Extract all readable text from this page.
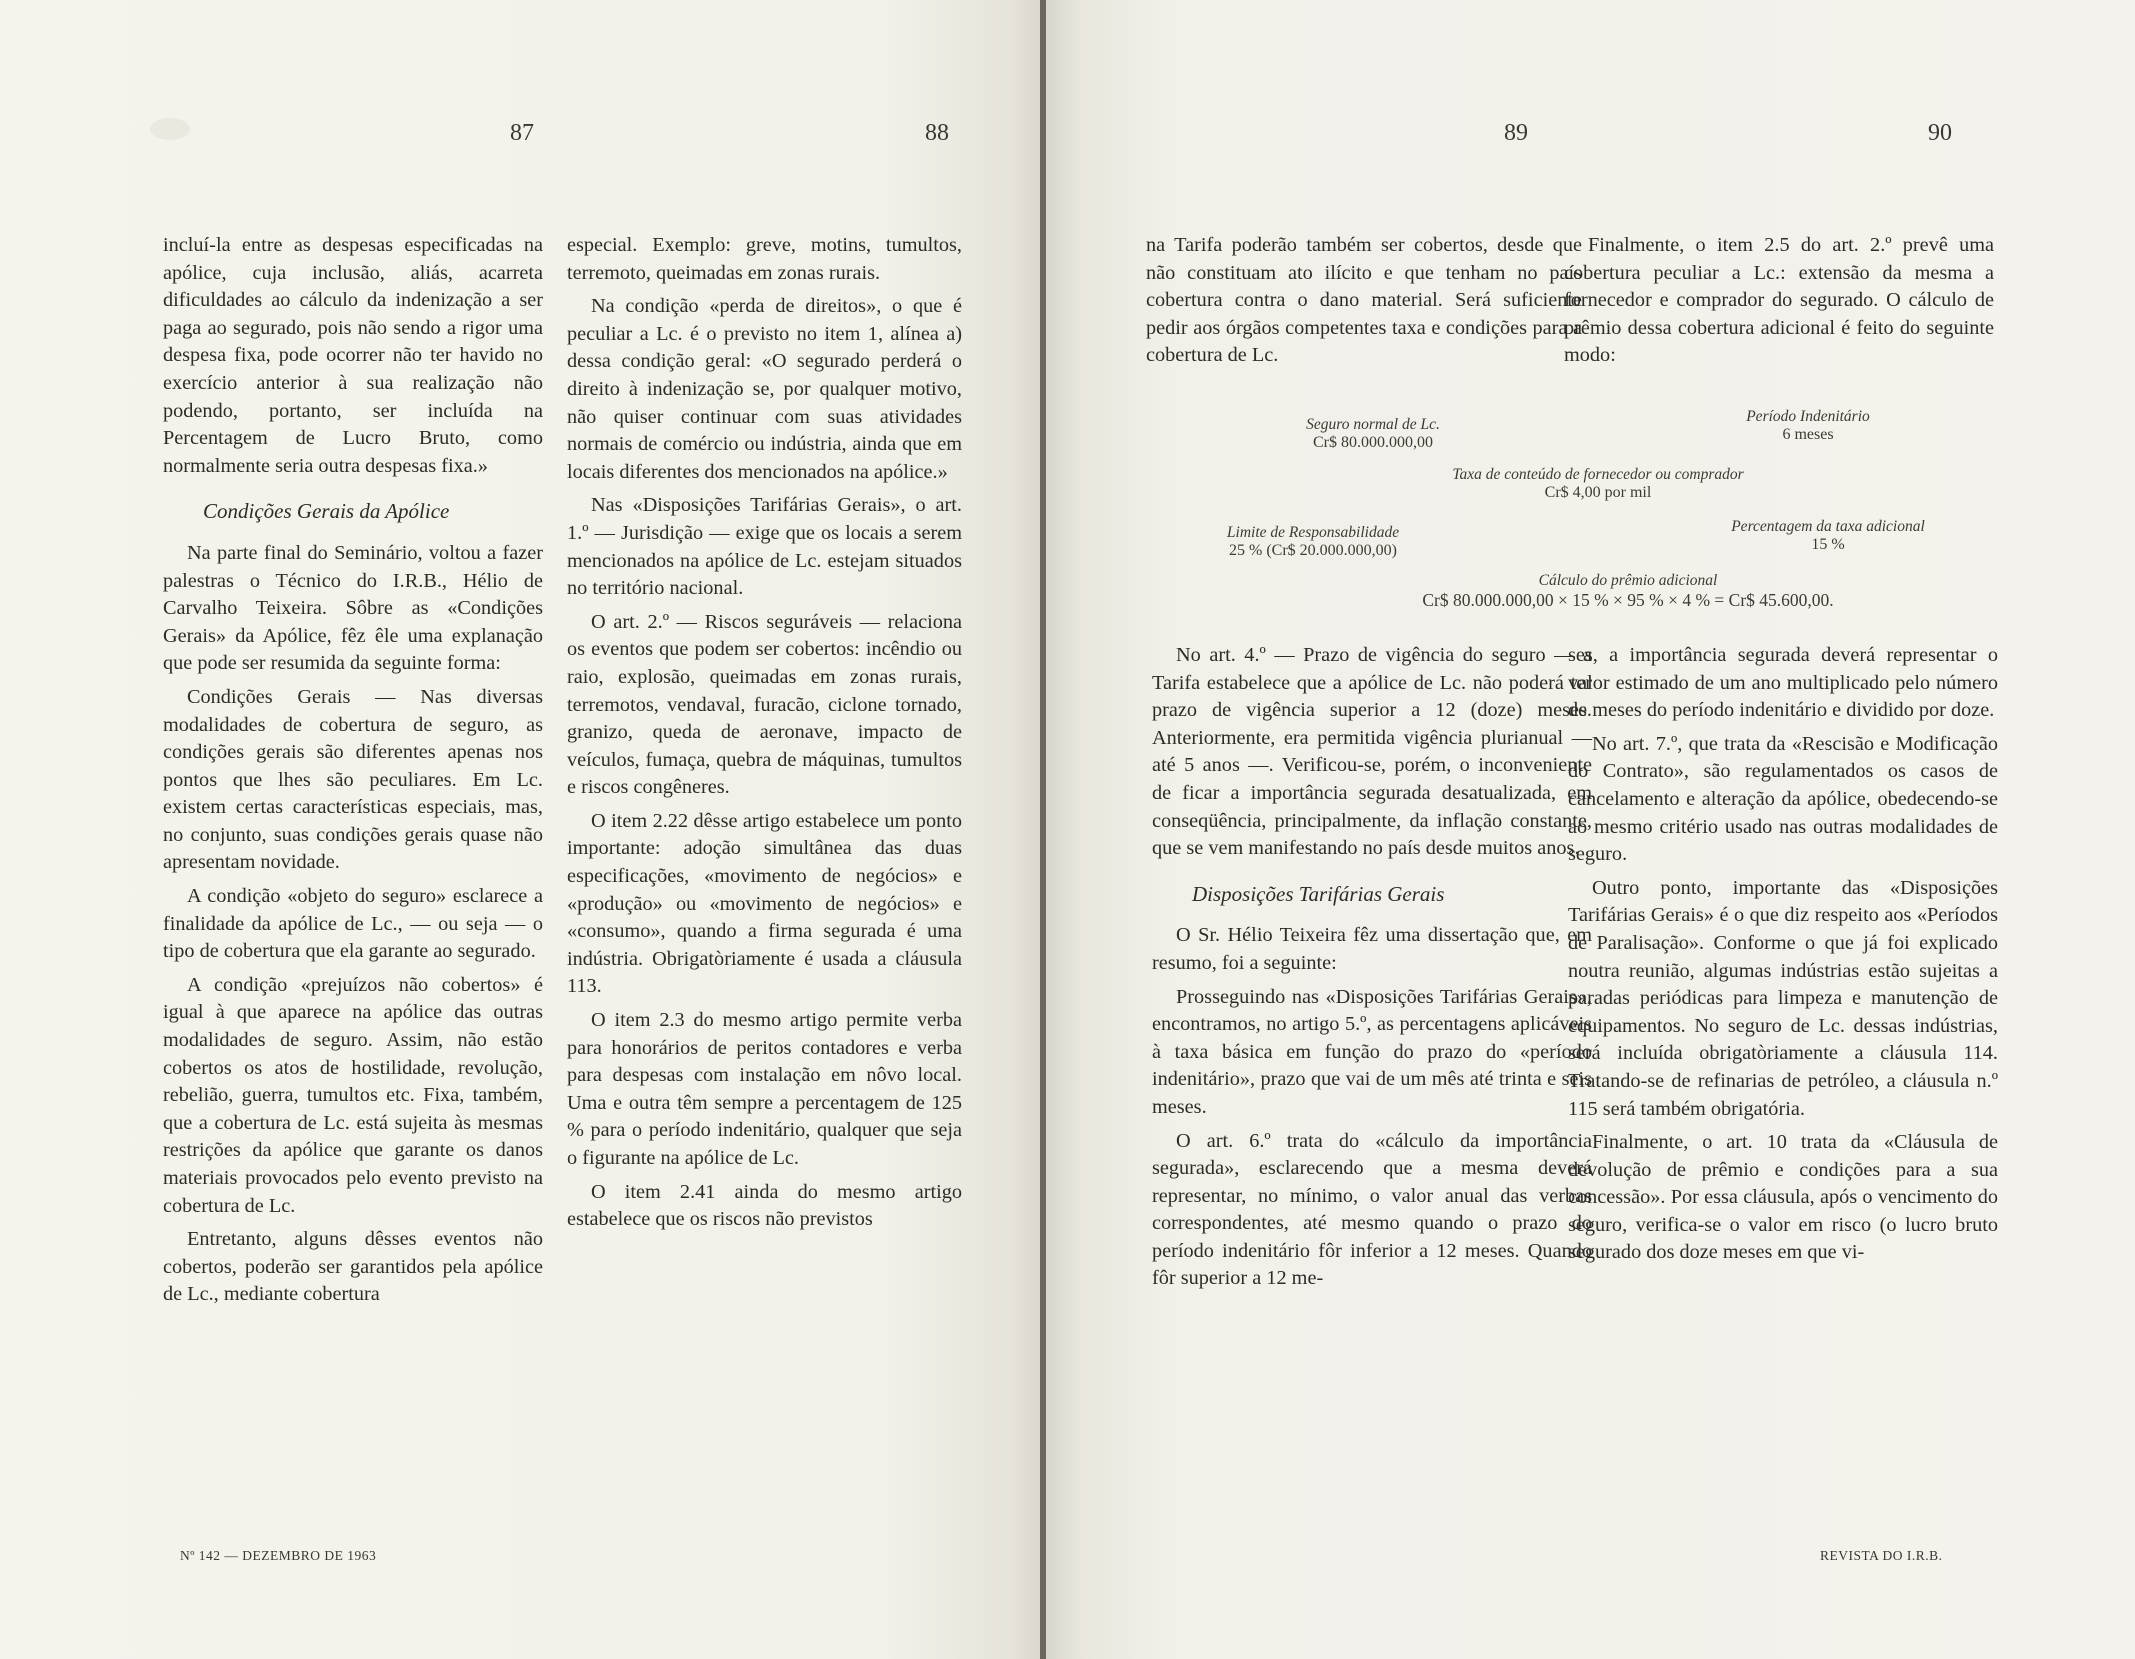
87	88

incluí-la entre as despesas especificadas na apólice, cuja inclusão, aliás, acarreta dificuldades ao cálculo da indenização a ser paga ao segurado, pois não sendo a rigor uma despesa fixa, pode ocorrer não ter havido no exercício anterior à sua realização não podendo, portanto, ser incluída na Percentagem de Lucro Bruto, como normalmente seria outra despesas fixa.»

Condições Gerais da Apólice

Na parte final do Seminário, voltou a fazer palestras o Técnico do I.R.B., Hélio de Carvalho Teixeira. Sôbre as «Condições Gerais» da Apólice, fêz êle uma explanação que pode ser resumida da seguinte forma:

Condições Gerais — Nas diversas modalidades de cobertura de seguro, as condições gerais são diferentes apenas nos pontos que lhes são peculiares. Em Lc. existem certas características especiais, mas, no conjunto, suas condições gerais quase não apresentam novidade.

A condição «objeto do seguro» esclarece a finalidade da apólice de Lc., — ou seja — o tipo de cobertura que ela garante ao segurado.

A condição «prejuízos não cobertos» é igual à que aparece na apólice das outras modalidades de seguro. Assim, não estão cobertos os atos de hostilidade, revolução, rebelião, guerra, tumultos etc. Fixa, também, que a cobertura de Lc. está sujeita às mesmas restrições da apólice que garante os danos materiais provocados pelo evento previsto na cobertura de Lc.

Entretanto, alguns dêsses eventos não cobertos, poderão ser garantidos pela apólice de Lc., mediante cobertura

especial. Exemplo: greve, motins, tumultos, terremoto, queimadas em zonas rurais.

Na condição «perda de direitos», o que é peculiar a Lc. é o previsto no item 1, alínea a) dessa condição geral: «O segurado perderá o direito à indenização se, por qualquer motivo, não quiser continuar com suas atividades normais de comércio ou indústria, ainda que em locais diferentes dos mencionados na apólice.»

Nas «Disposições Tarifárias Gerais», o art. 1.º — Jurisdição — exige que os locais a serem mencionados na apólice de Lc. estejam situados no território nacional.

O art. 2.º — Riscos seguráveis — relaciona os eventos que podem ser cobertos: incêndio ou raio, explosão, queimadas em zonas rurais, terremotos, vendaval, furacão, ciclone tornado, granizo, queda de aeronave, impacto de veículos, fumaça, quebra de máquinas, tumultos e riscos congêneres.

O item 2.22 dêsse artigo estabelece um ponto importante: adoção simultânea das duas especificações, «movimento de negócios» e «produção» ou «movimento de negócios» e «consumo», quando a firma segurada é uma indústria. Obrigatòriamente é usada a cláusula 113.

O item 2.3 do mesmo artigo permite verba para honorários de peritos contadores e verba para despesas com instalação em nôvo local. Uma e outra têm sempre a percentagem de 125 % para o período indenitário, qualquer que seja o figurante na apólice de Lc.

O item 2.41 ainda do mesmo artigo estabelece que os riscos não previstos

Nº 142 — DEZEMBRO DE 1963
89	90

na Tarifa poderão também ser cobertos, desde que não constituam ato ilícito e que tenham no país cobertura contra o dano material. Será suficiente pedir aos órgãos competentes taxa e condições para a cobertura de Lc.

Finalmente, o item 2.5 do art. 2.º prevê uma cobertura peculiar a Lc.: extensão da mesma a fornecedor e comprador do segurado. O cálculo de prêmio dessa cobertura adicional é feito do seguinte modo:

Seguro normal de Lc.
Cr$ 80.000.000,00
Período Indenitário
6 meses
Taxa de conteúdo de fornecedor ou comprador
Cr$ 4,00 por mil
Limite de Responsabilidade
25 % (Cr$ 20.000.000,00)
Percentagem da taxa adicional
15 %
Cálculo do prêmio adicional
Cr$ 80.000.000,00 × 15 % × 95 % × 4 % = Cr$ 45.600,00.

No art. 4.º — Prazo de vigência do seguro — a Tarifa estabelece que a apólice de Lc. não poderá ter prazo de vigência superior a 12 (doze) meses. Anteriormente, era permitida vigência plurianual — até 5 anos —. Verificou-se, porém, o inconveniente de ficar a importância segurada desatualizada, em conseqüência, principalmente, da inflação constante, que se vem manifestando no país desde muitos anos.

Disposições Tarifárias Gerais

O Sr. Hélio Teixeira fêz uma dissertação que, em resumo, foi a seguinte:

Prosseguindo nas «Disposições Tarifárias Gerais», encontramos, no artigo 5.º, as percentagens aplicáveis à taxa básica em função do prazo do «período indenitário», prazo que vai de um mês até trinta e seis meses.

O art. 6.º trata do «cálculo da importância segurada», esclarecendo que a mesma deverá representar, no mínimo, o valor anual das verbas correspondentes, até mesmo quando o prazo do período indenitário fôr inferior a 12 meses. Quando fôr superior a 12 me-

ses, a importância segurada deverá representar o valor estimado de um ano multiplicado pelo número de meses do período indenitário e dividido por doze.

No art. 7.º, que trata da «Rescisão e Modificação do Contrato», são regulamentados os casos de cancelamento e alteração da apólice, obedecendo-se ao mesmo critério usado nas outras modalidades de seguro.

Outro ponto, importante das «Disposições Tarifárias Gerais» é o que diz respeito aos «Períodos de Paralisação». Conforme o que já foi explicado noutra reunião, algumas indústrias estão sujeitas a paradas periódicas para limpeza e manutenção de equipamentos. No seguro de Lc. dessas indústrias, será incluída obrigatòriamente a cláusula 114. Tratando-se de refinarias de petróleo, a cláusula n.º 115 será também obrigatória.

Finalmente, o art. 10 trata da «Cláusula de devolução de prêmio e condições para a sua concessão». Por essa cláusula, após o vencimento do seguro, verifica-se o valor em risco (o lucro bruto segurado dos doze meses em que vi-

REVISTA DO I.R.B.
